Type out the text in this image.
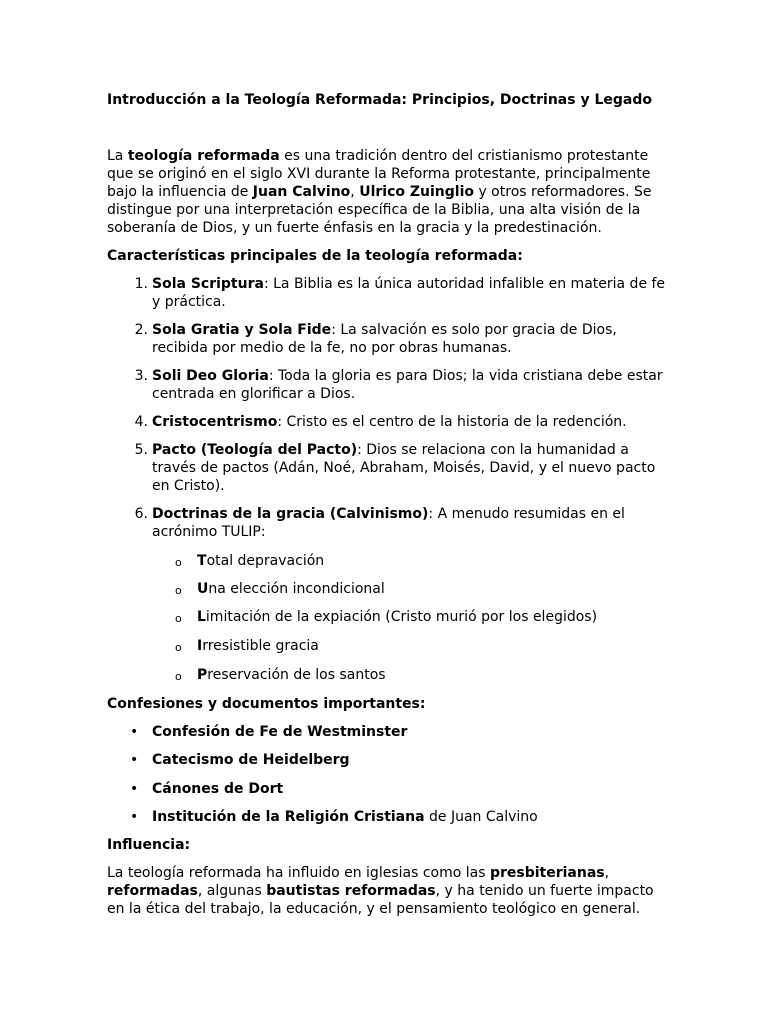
Introducción a la Teología Reformada: Principios, Doctrinas y Legado

La teología reformada es una tradición dentro del cristianismo protestante que se originó en el siglo XVI durante la Reforma protestante, principalmente bajo la influencia de Juan Calvino, Ulrico Zuinglio y otros reformadores. Se distingue por una interpretación específica de la Biblia, una alta visión de la soberanía de Dios, y un fuerte énfasis en la gracia y la predestinación.

Características principales de la teología reformada:

1. Sola Scriptura: La Biblia es la única autoridad infalible en materia de fe y práctica.
2. Sola Gratia y Sola Fide: La salvación es solo por gracia de Dios, recibida por medio de la fe, no por obras humanas.
3. Soli Deo Gloria: Toda la gloria es para Dios; la vida cristiana debe estar centrada en glorificar a Dios.
4. Cristocentrismo: Cristo es el centro de la historia de la redención.
5. Pacto (Teología del Pacto): Dios se relaciona con la humanidad a través de pactos (Adán, Noé, Abraham, Moisés, David, y el nuevo pacto en Cristo).
6. Doctrinas de la gracia (Calvinismo): A menudo resumidas en el acrónimo TULIP:
o Total depravación
o Una elección incondicional
o Limitación de la expiación (Cristo murió por los elegidos)
o Irresistible gracia
o Preservación de los santos

Confesiones y documentos importantes:

• Confesión de Fe de Westminster
• Catecismo de Heidelberg
• Cánones de Dort
• Institución de la Religión Cristiana de Juan Calvino

Influencia:

La teología reformada ha influido en iglesias como las presbiterianas, reformadas, algunas bautistas reformadas, y ha tenido un fuerte impacto en la ética del trabajo, la educación, y el pensamiento teológico en general.
